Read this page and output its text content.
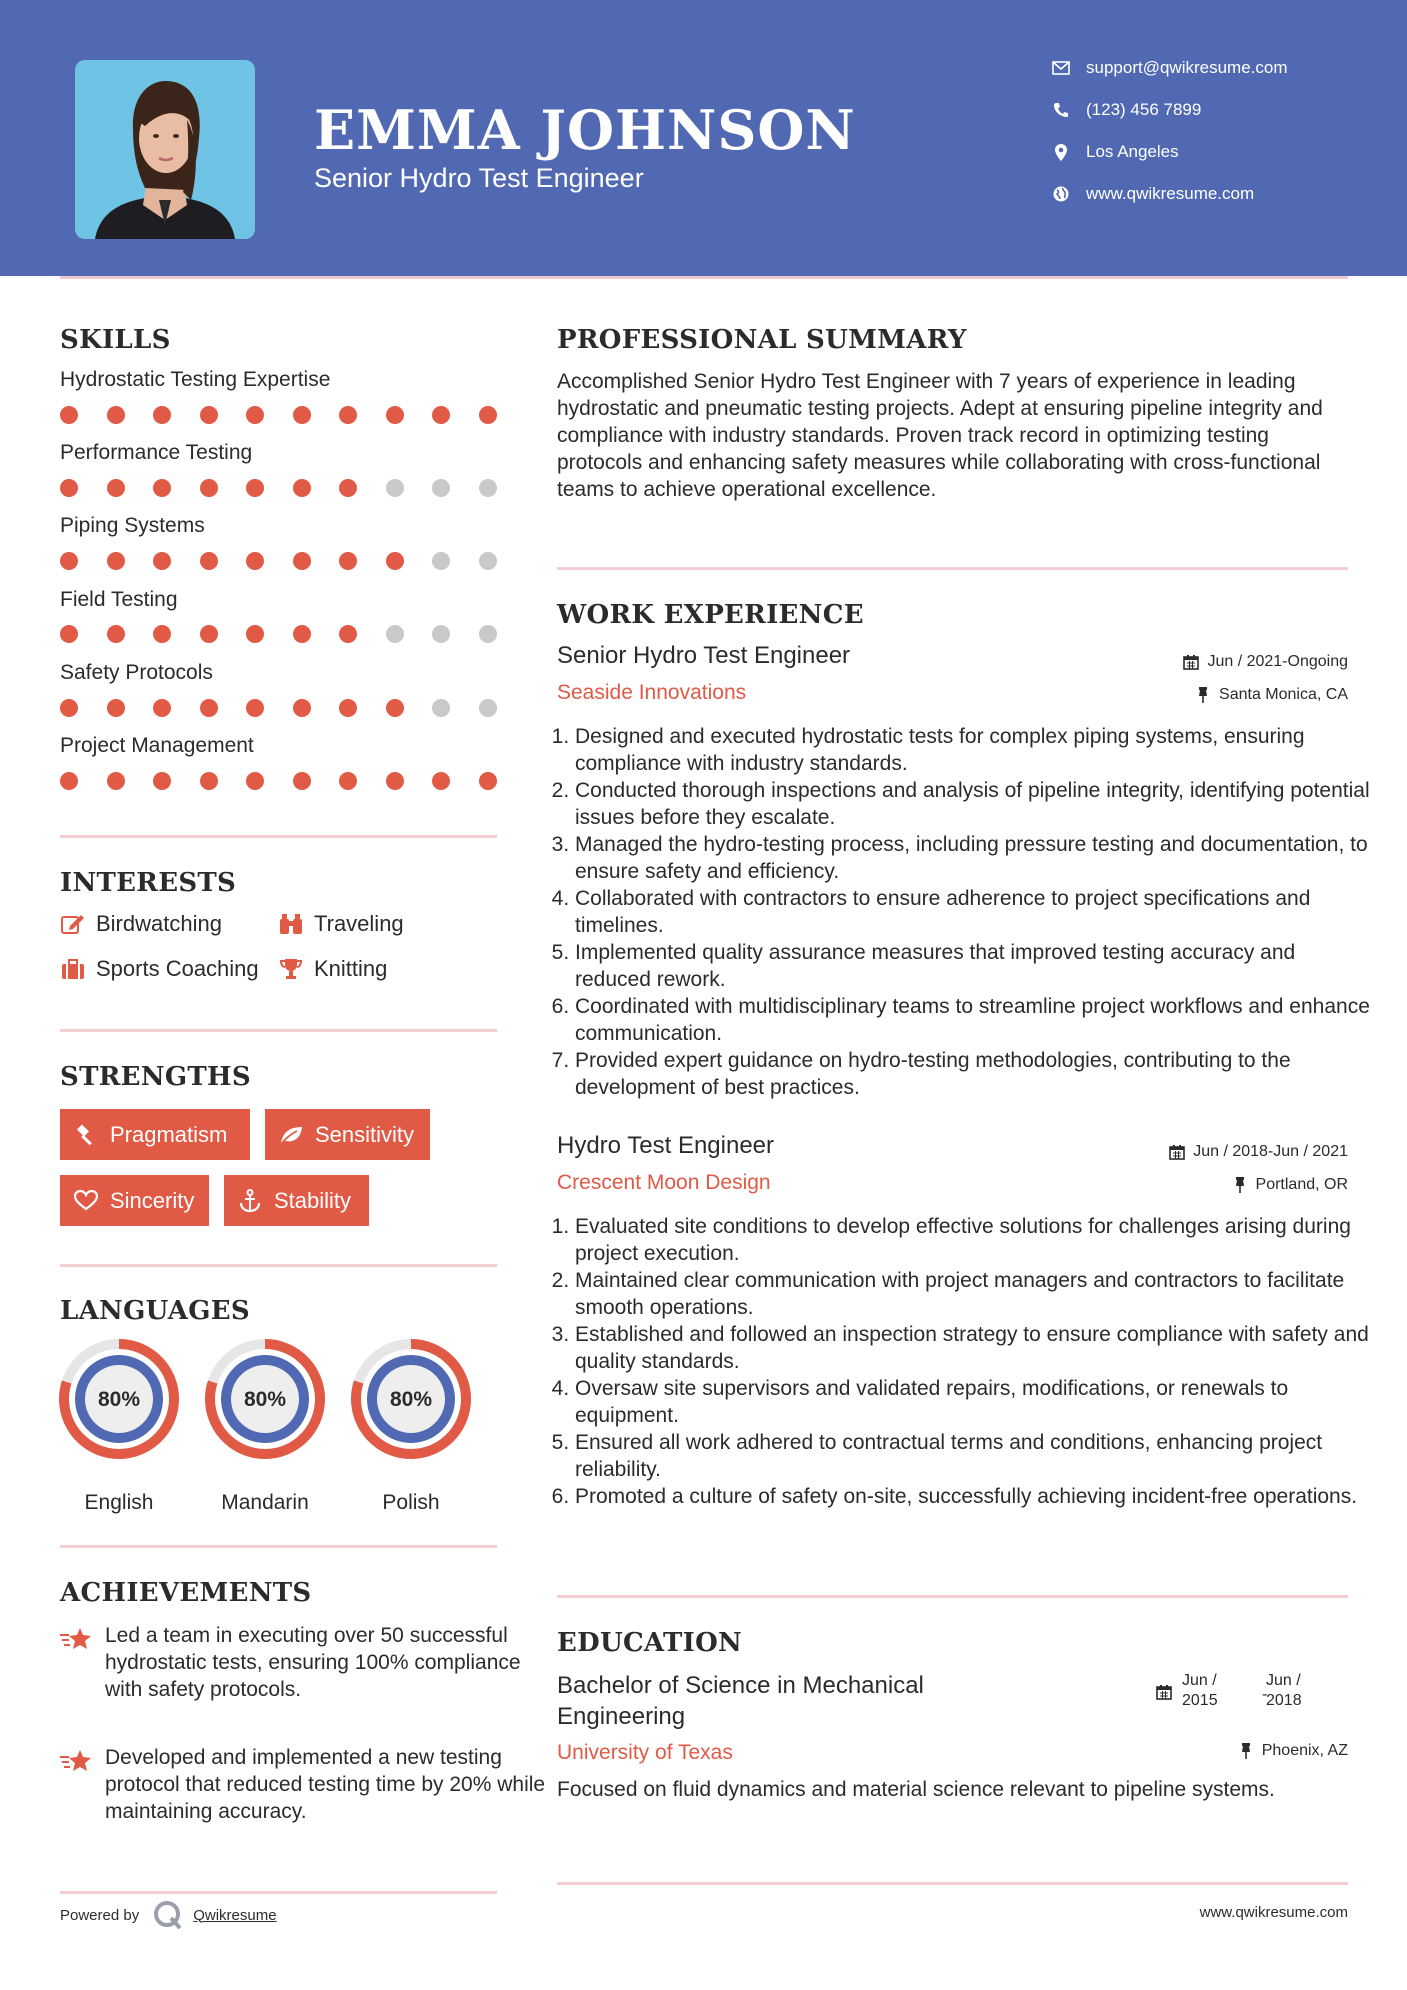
EMMA JOHNSON
Senior Hydro Test Engineer
support@qwikresume.com
(123) 456 7899
Los Angeles
www.qwikresume.com
SKILLS
Hydrostatic Testing Expertise
Performance Testing
Piping Systems
Field Testing
Safety Protocols
Project Management
INTERESTS
Birdwatching	Traveling
Sports Coaching	Knitting
STRENGTHS
Pragmatism	Sensitivity
Sincerity	Stability
LANGUAGES
80%
English
80%
Mandarin
80%
Polish
ACHIEVEMENTS
Led a team in executing over 50 successful hydrostatic tests, ensuring 100% compliance with safety protocols.
Developed and implemented a new testing protocol that reduced testing time by 20% while maintaining accuracy.
PROFESSIONAL SUMMARY
Accomplished Senior Hydro Test Engineer with 7 years of experience in leading hydrostatic and pneumatic testing projects. Adept at ensuring pipeline integrity and compliance with industry standards. Proven track record in optimizing testing protocols and enhancing safety measures while collaborating with cross-functional teams to achieve operational excellence.
WORK EXPERIENCE
Senior Hydro Test Engineer	Jun / 2021-Ongoing
Seaside Innovations	Santa Monica, CA
1. Designed and executed hydrostatic tests for complex piping systems, ensuring compliance with industry standards.
2. Conducted thorough inspections and analysis of pipeline integrity, identifying potential issues before they escalate.
3. Managed the hydro-testing process, including pressure testing and documentation, to ensure safety and efficiency.
4. Collaborated with contractors to ensure adherence to project specifications and timelines.
5. Implemented quality assurance measures that improved testing accuracy and reduced rework.
6. Coordinated with multidisciplinary teams to streamline project workflows and enhance communication.
7. Provided expert guidance on hydro-testing methodologies, contributing to the development of best practices.
Hydro Test Engineer	Jun / 2018-Jun / 2021
Crescent Moon Design	Portland, OR
1. Evaluated site conditions to develop effective solutions for challenges arising during project execution.
2. Maintained clear communication with project managers and contractors to facilitate smooth operations.
3. Established and followed an inspection strategy to ensure compliance with safety and quality standards.
4. Oversaw site supervisors and validated repairs, modifications, or renewals to equipment.
5. Ensured all work adhered to contractual terms and conditions, enhancing project reliability.
6. Promoted a culture of safety on-site, successfully achieving incident-free operations.
EDUCATION
Bachelor of Science in Mechanical Engineering
Jun /
2015	-
Jun /
2018
University of Texas	Phoenix, AZ
Focused on fluid dynamics and material science relevant to pipeline systems.
Powered by	Qwikresume	www.qwikresume.com
